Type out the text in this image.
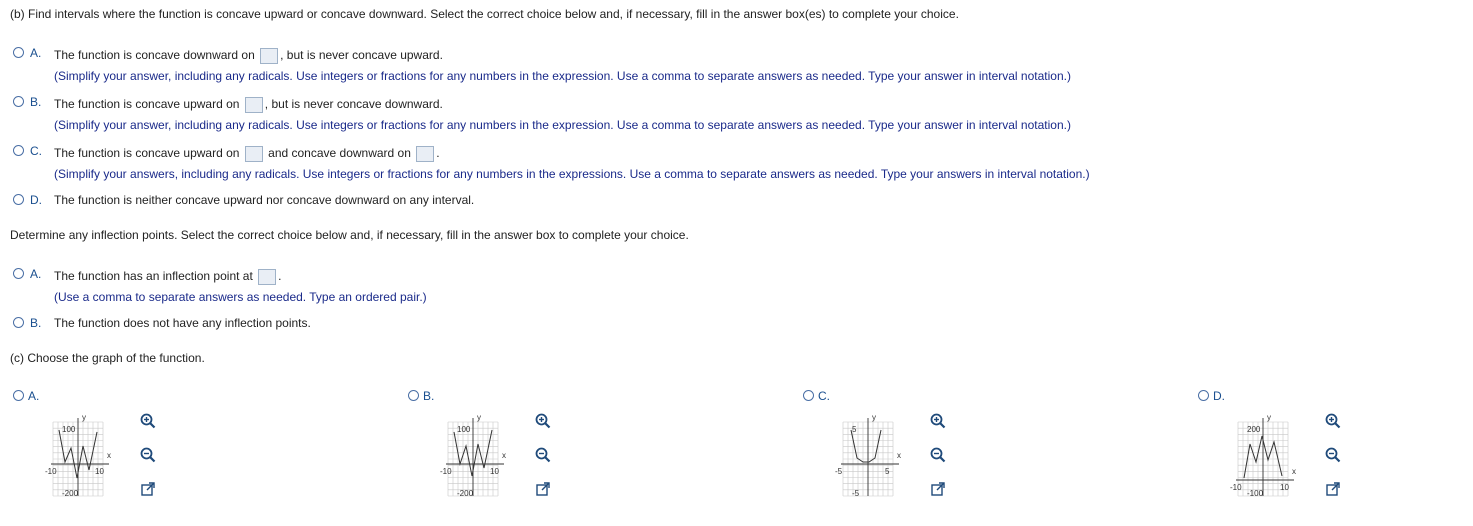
(b) Find intervals where the function is concave upward or concave downward. Select the correct choice below and, if necessary, fill in the answer box(es) to complete your choice.
A. The function is concave downward on , but is never concave upward.
(Simplify your answer, including any radicals. Use integers or fractions for any numbers in the expression. Use a comma to separate answers as needed. Type your answer in interval notation.)
B. The function is concave upward on , but is never concave downward.
(Simplify your answer, including any radicals. Use integers or fractions for any numbers in the expression. Use a comma to separate answers as needed. Type your answer in interval notation.)
C. The function is concave upward on and concave downward on .
(Simplify your answers, including any radicals. Use integers or fractions for any numbers in the expressions. Use a comma to separate answers as needed. Type your answers in interval notation.)
D. The function is neither concave upward nor concave downward on any interval.
Determine any inflection points. Select the correct choice below and, if necessary, fill in the answer box to complete your choice.
A. The function has an inflection point at .
(Use a comma to separate answers as needed. Type an ordered pair.)
B. The function does not have any inflection points.
(c) Choose the graph of the function.
A.
y
100
-200
-10	10
x
B.
y
100
-200
-10	10
x
C.
y
5
-5
-5	5
x
D.
y
200
-100
-10	10
x
